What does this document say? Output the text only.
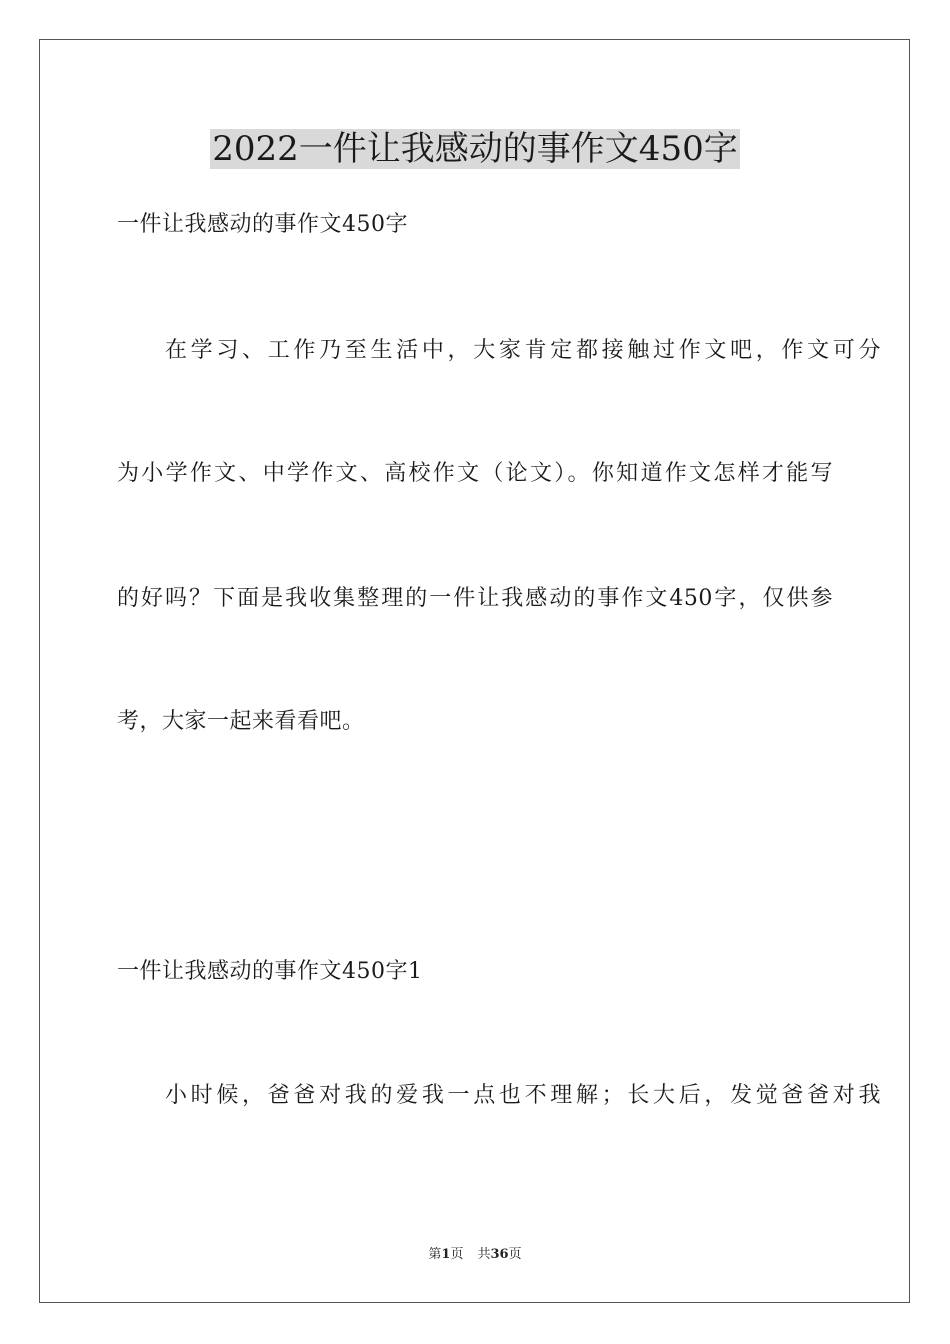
2022一件让我感动的事作文450字
一件让我感动的事作文450字
在学习、工作乃至生活中，大家肯定都接触过作文吧，作文可分
为小学作文、中学作文、高校作文（论文）。你知道作文怎样才能写
的好吗？下面是我收集整理的一件让我感动的事作文450字，仅供参
考，大家一起来看看吧。
一件让我感动的事作文450字1
小时候，爸爸对我的爱我一点也不理解；长大后，发觉爸爸对我
第1页 共36页
